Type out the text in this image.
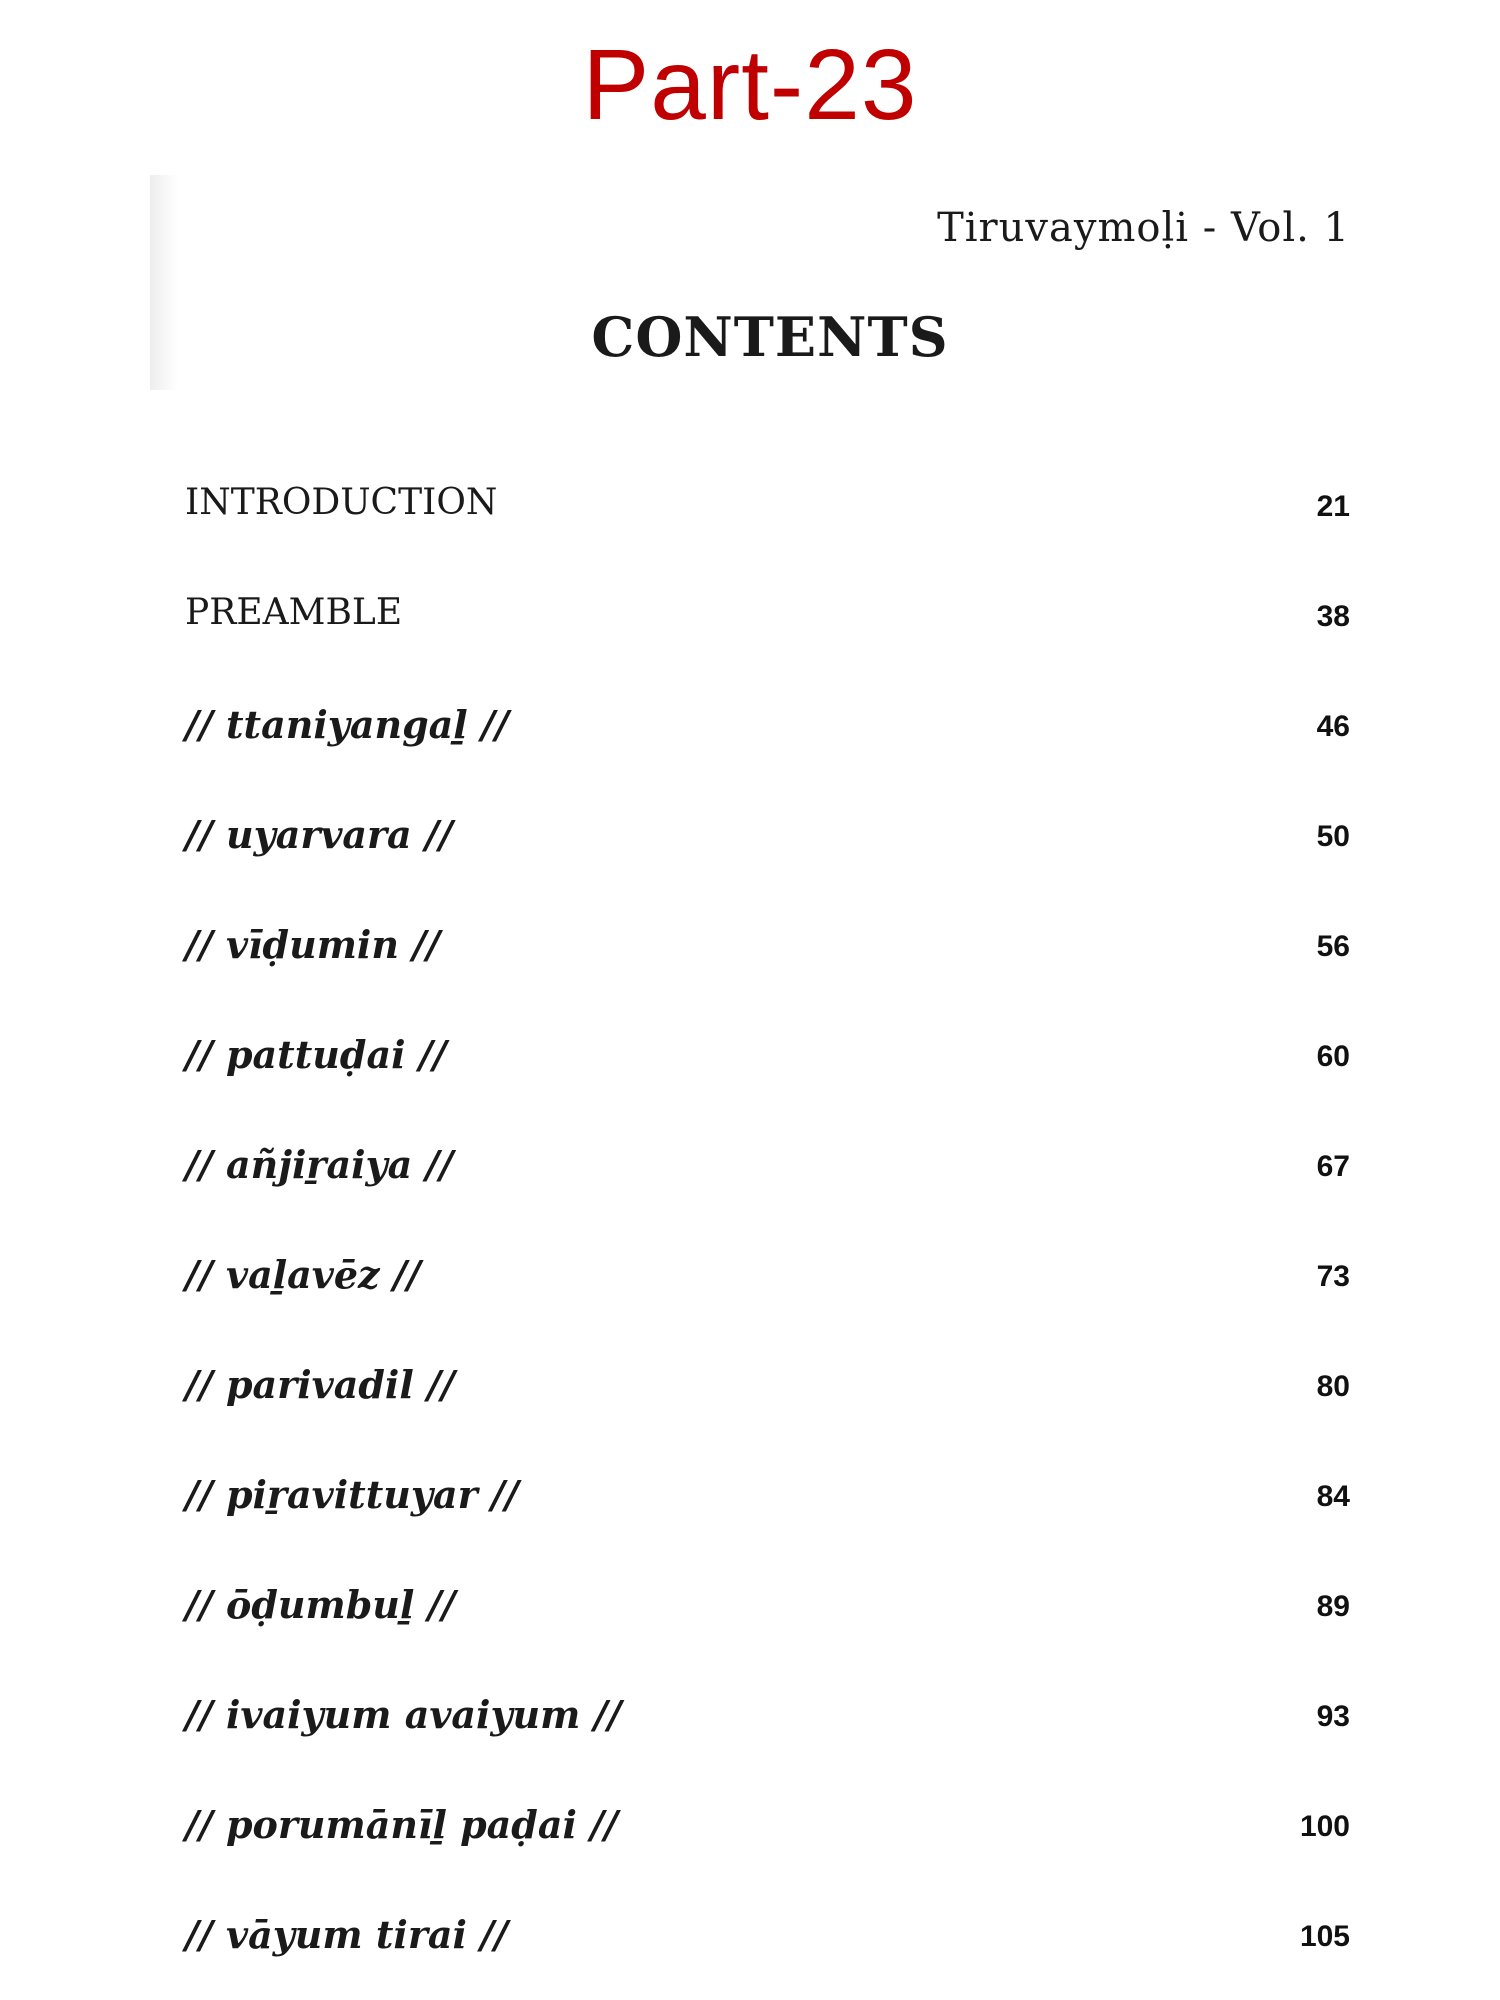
Part-23
Tiruvaymoḷi - Vol. 1
CONTENTS
INTRODUCTION	21
PREAMBLE	38
// ttaniyangaḻ //	46
// uyarvara //	50
// vīḍumin //	56
// pattuḍai //	60
// añjiṟaiya //	67
// vaḻavēz //	73
// parivadil //	80
// piṟavittuyar //	84
// ōḍumbuḻ //	89
// ivaiyum avaiyum //	93
// porumānīḻ paḍai //	100
// vāyum tirai //	105
